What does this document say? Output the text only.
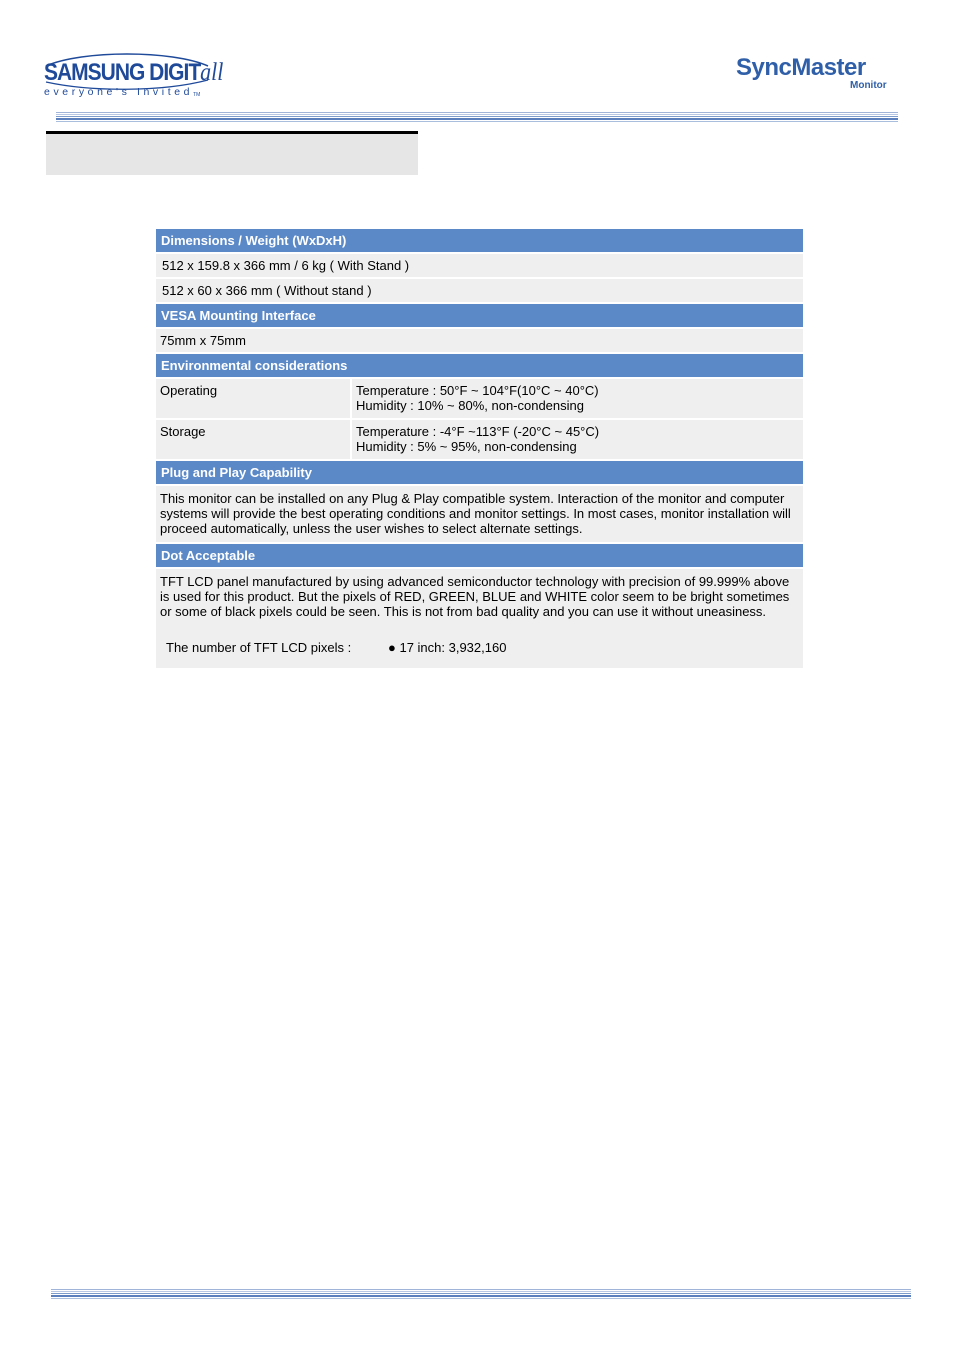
SAMSUNG DIGITall
everyone's Invited$_{TM}$
SyncMaster
Monitor
Dimensions / Weight (WxDxH)	
512 x 159.8 x 366 mm / 6 kg ( With Stand )	
512 x 60 x 366 mm ( Without stand )	
VESA Mounting Interface	
75mm x 75mm	
Environmental considerations	
Operating	Temperature : 50°F ~ 104°F(10°C ~ 40°C)
Humidity : 10% ~ 80%, non-condensing

Storage	Temperature : -4°F ~113°F (-20°C ~ 45°C)
Humidity : 5% ~ 95%, non-condensing

Plug and Play Capability	
This monitor can be installed on any Plug & Play compatible system. Interaction of the monitor and computer systems will provide the best operating conditions and monitor settings. In most cases, monitor installation will proceed automatically, unless the user wishes to select alternate settings.	
Dot Acceptable	

TFT LCD panel manufactured by using advanced semiconductor technology with precision of 99.999% above is used for this product. But the pixels of RED, GREEN, BLUE and WHITE color seem to be bright sometimes or some of black pixels could be seen. This is not from bad quality and you can use it without uneasiness.
The number of TFT LCD pixels : ● 17 inch: 3,932,160	
